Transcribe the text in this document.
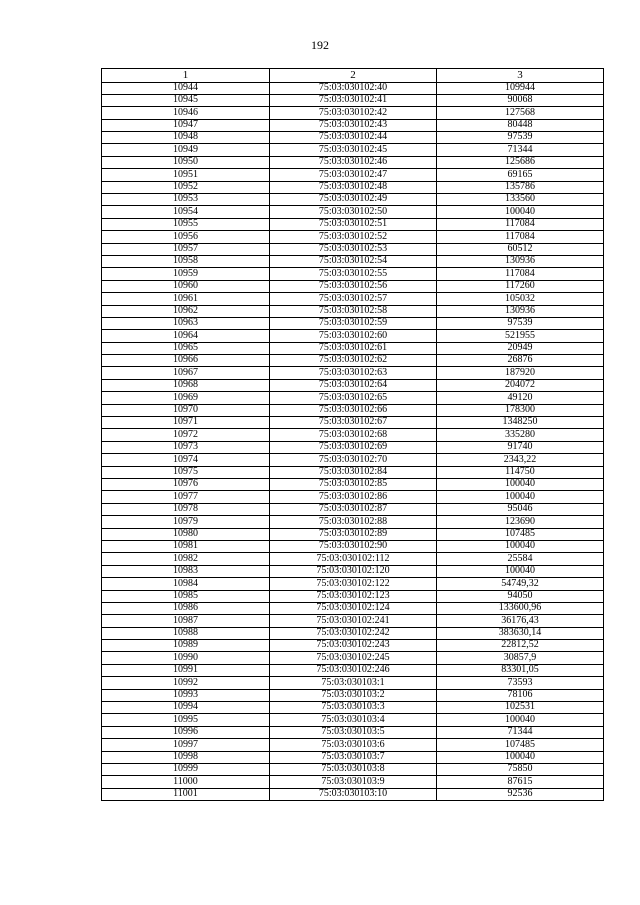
192
1	2	3
10944	75:03:030102:40	109944
10945	75:03:030102:41	90068
10946	75:03:030102:42	127568
10947	75:03:030102:43	80448
10948	75:03:030102:44	97539
10949	75:03:030102:45	71344
10950	75:03:030102:46	125686
10951	75:03:030102:47	69165
10952	75:03:030102:48	135786
10953	75:03:030102:49	133560
10954	75:03:030102:50	100040
10955	75:03:030102:51	117084
10956	75:03:030102:52	117084
10957	75:03:030102:53	60512
10958	75:03:030102:54	130936
10959	75:03:030102:55	117084
10960	75:03:030102:56	117260
10961	75:03:030102:57	105032
10962	75:03:030102:58	130936
10963	75:03:030102:59	97539
10964	75:03:030102:60	521955
10965	75:03:030102:61	20949
10966	75:03:030102:62	26876
10967	75:03:030102:63	187920
10968	75:03:030102:64	204072
10969	75:03:030102:65	49120
10970	75:03:030102:66	178300
10971	75:03:030102:67	1348250
10972	75:03:030102:68	335280
10973	75:03:030102:69	91740
10974	75:03:030102:70	2343,22
10975	75:03:030102:84	114750
10976	75:03:030102:85	100040
10977	75:03:030102:86	100040
10978	75:03:030102:87	95046
10979	75:03:030102:88	123690
10980	75:03:030102:89	107485
10981	75:03:030102:90	100040
10982	75:03:030102:112	25584
10983	75:03:030102:120	100040
10984	75:03:030102:122	54749,32
10985	75:03:030102:123	94050
10986	75:03:030102:124	133600,96
10987	75:03:030102:241	36176,43
10988	75:03:030102:242	383630,14
10989	75:03:030102:243	22812,52
10990	75:03:030102:245	30857,9
10991	75:03:030102:246	83301,05
10992	75:03:030103:1	73593
10993	75:03:030103:2	78106
10994	75:03:030103:3	102531
10995	75:03:030103:4	100040
10996	75:03:030103:5	71344
10997	75:03:030103:6	107485
10998	75:03:030103:7	100040
10999	75:03:030103:8	75850
11000	75:03:030103:9	87615
11001	75:03:030103:10	92536
